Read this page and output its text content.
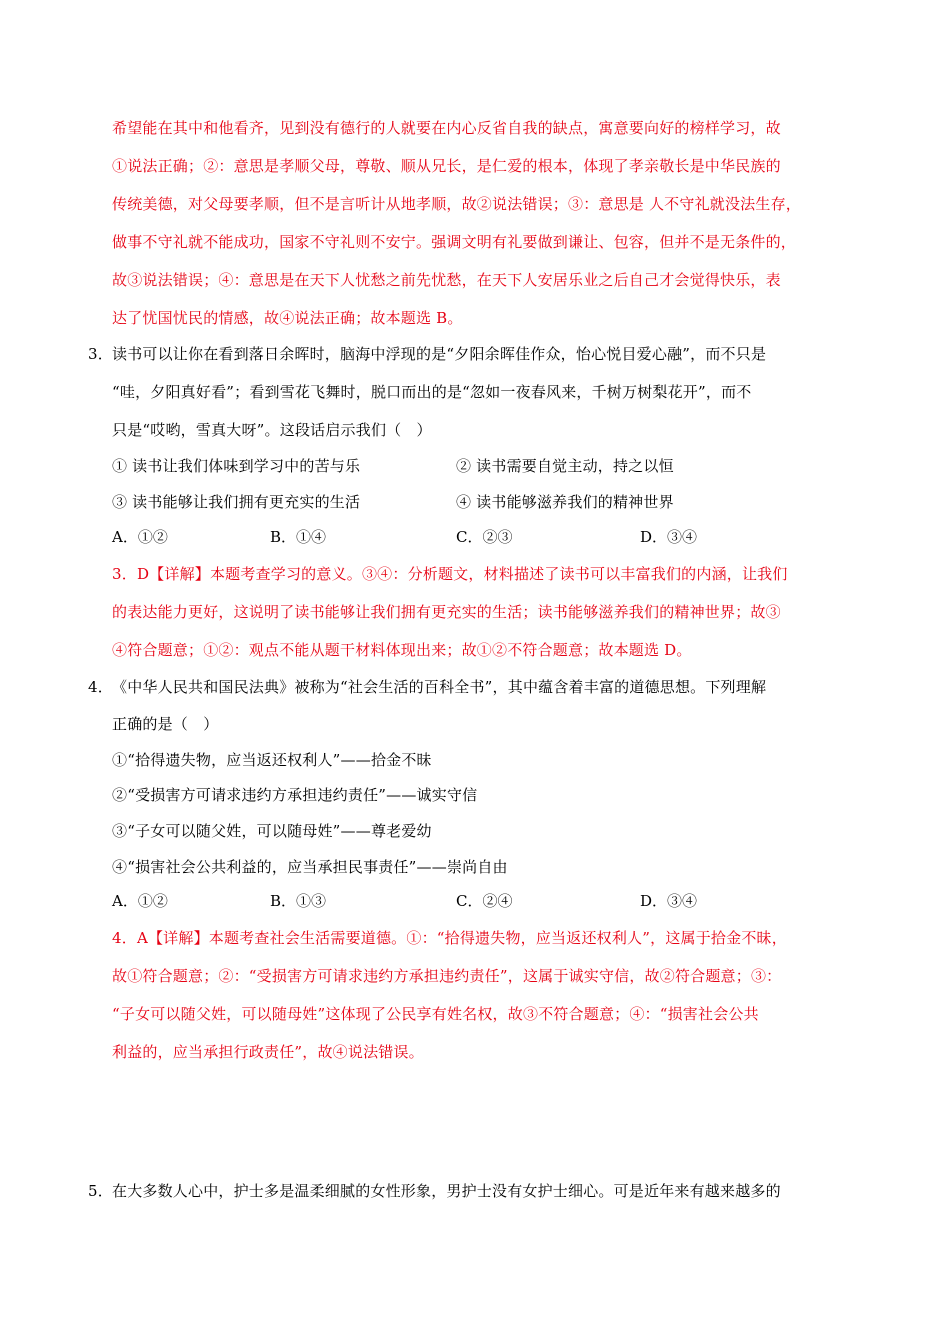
希望能在其中和他看齐，见到没有德行的人就要在内心反省自我的缺点，寓意要向好的榜样学习，故
①说法正确；②：意思是孝顺父母，尊敬、顺从兄长，是仁爱的根本，体现了孝亲敬长是中华民族的
传统美德，对父母要孝顺，但不是言听计从地孝顺，故②说法错误；③：意思是 人不守礼就没法生存，
做事不守礼就不能成功，国家不守礼则不安宁。强调文明有礼要做到谦让、包容，但并不是无条件的，
故③说法错误；④：意思是在天下人忧愁之前先忧愁，在天下人安居乐业之后自己才会觉得快乐，表
达了忧国忧民的情感，故④说法正确；故本题选 B。
3． 读书可以让你在看到落日余晖时，脑海中浮现的是“夕阳余晖佳作众，怡心悦目爱心融”，而不只是
“哇，夕阳真好看”；看到雪花飞舞时，脱口而出的是“忽如一夜春风来，千树万树梨花开”，而不
只是“哎哟，雪真大呀”。这段话启示我们（　）
① 读书让我们体味到学习中的苦与乐	② 读书需要自觉主动，持之以恒
③ 读书能够让我们拥有更充实的生活	④ 读书能够滋养我们的精神世界
A．①②	B．①④	C．②③	D．③④
3．D【详解】本题考查学习的意义。③④：分析题文，材料描述了读书可以丰富我们的内涵，让我们
的表达能力更好，这说明了读书能够让我们拥有更充实的生活；读书能够滋养我们的精神世界；故③
④符合题意；①②：观点不能从题干材料体现出来；故①②不符合题意；故本题选 D。
4． 《中华人民共和国民法典》被称为“社会生活的百科全书”，其中蕴含着丰富的道德思想。下列理解
正确的是（　）
①“拾得遗失物，应当返还权利人”——拾金不昧
②“受损害方可请求违约方承担违约责任”——诚实守信
③“子女可以随父姓，可以随母姓”——尊老爱幼
④“损害社会公共利益的，应当承担民事责任”——崇尚自由
A．①②	B．①③	C．②④	D．③④
4．A【详解】本题考查社会生活需要道德。①：“拾得遗失物，应当返还权利人”，这属于拾金不昧，
故①符合题意；②：“受损害方可请求违约方承担违约责任”，这属于诚实守信，故②符合题意；③：
“子女可以随父姓，可以随母姓”这体现了公民享有姓名权，故③不符合题意；④：“损害社会公共
利益的，应当承担行政责任”，故④说法错误。
5． 在大多数人心中，护士多是温柔细腻的女性形象，男护士没有女护士细心。可是近年来有越来越多的
